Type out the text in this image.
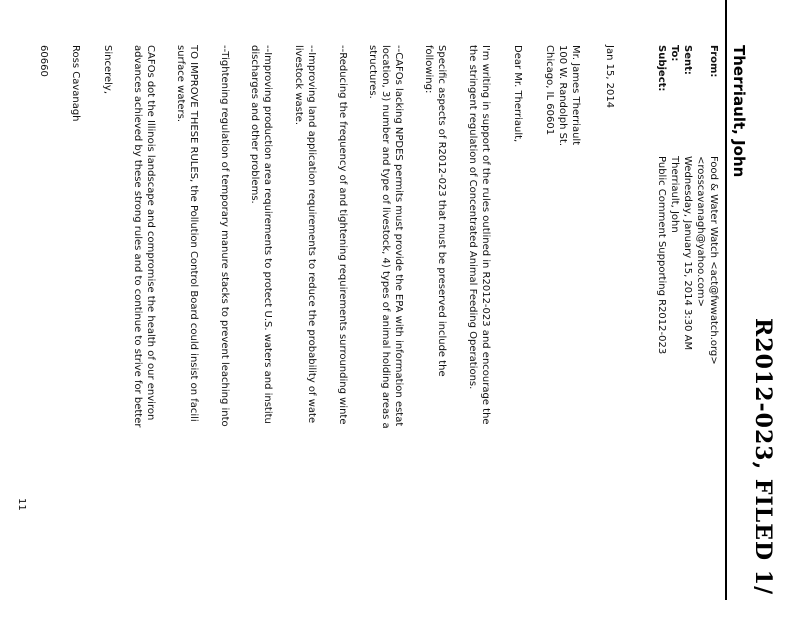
R2012-023, FILED 1/
Therriault, John
From:
Food & Water Watch <act@fwwatch.org>
<rosscavanagh@yahoo.com>
Sent:
Wednesday, January 15, 2014 3:30 AM
To:
Therriault, John
Subject:
Public Comment Supporting R2012-023
Jan 15, 2014
Mr. James Therriault
100 W. Randolph St.
Chicago, IL 60601
Dear Mr. Therriault,
I'm writing in support of the rules outlined in R2012-023 and encourage the
the stringent regulation of Concentrated Animal Feeding Operations.
Specific aspects of R2012-023 that must be preserved include the
following:
--CAFOs lacking NPDES permits must provide the EPA with information estat
location, 3) number and type of livestock, 4) types of animal holding areas a
structures.
--Reducing the frequency of and tightening requirements surrounding winte
--Improving land application requirements to reduce the probability of wate
livestock waste.
--Improving production area requirements to protect U.S. waters and institu
discharges and other problems.
--Tightening regulation of temporary manure stacks to prevent leaching into
TO IMPROVE THESE RULES, the Pollution Control Board could insist on facili
surface waters.
CAFOs dot the Illinois landscape and compromise the health of our environ
advances achieved by these strong rules and to continue to strive for better
Sincerely,
Ross Cavanagh
60660
11
